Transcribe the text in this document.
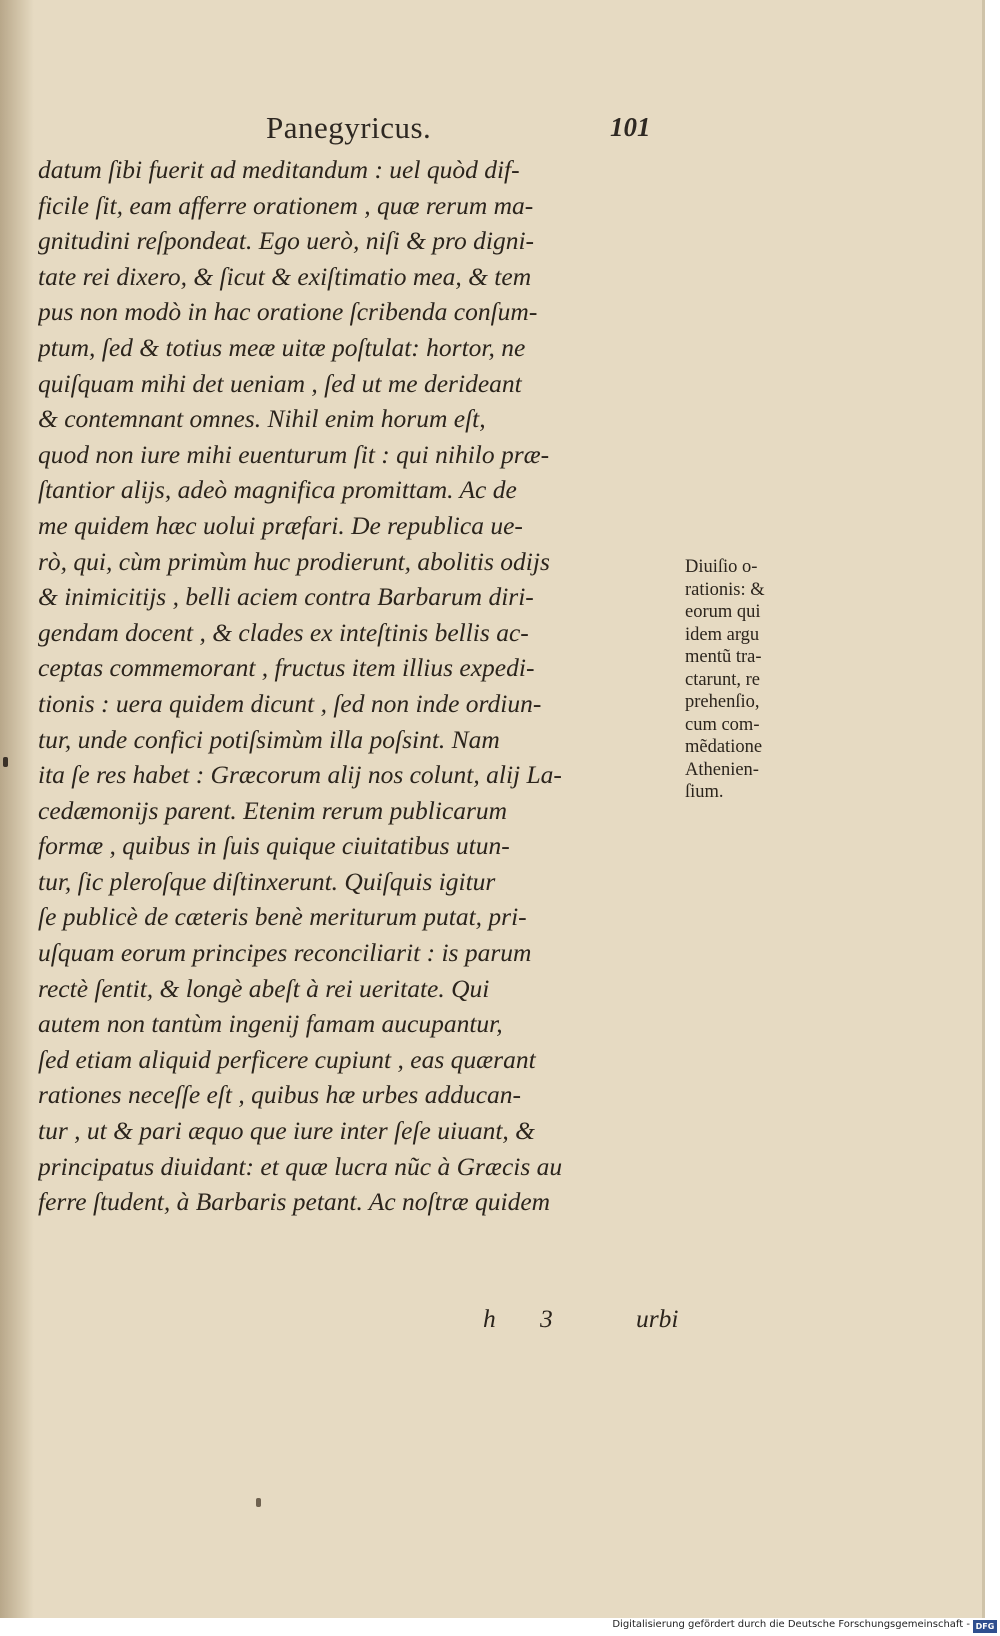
Panegyricus.	101
datum ſibi fuerit ad meditandum : uel quòd dif-
ficile ſit, eam afferre orationem , quæ rerum ma-
gnitudini reſpondeat. Ego uerò, niſi & pro digni-
tate rei dixero, & ſicut & exiſtimatio mea, & tem
pus non modò in hac oratione ſcribenda conſum-
ptum, ſed & totius meæ uitæ poſtulat: hortor, ne
quiſquam mihi det ueniam , ſed ut me derideant
& contemnant omnes. Nihil enim horum eſt,
quod non iure mihi euenturum ſit : qui nihilo præ-
ſtantior alijs, adeò magnifica promittam. Ac de
me quidem hæc uolui præfari. De republica ue-
rò, qui, cùm primùm huc prodierunt, abolitis odijs
& inimicitijs , belli aciem contra Barbarum diri-
gendam docent , & clades ex inteſtinis bellis ac-
ceptas commemorant , fructus item illius expedi-
tionis : uera quidem dicunt , ſed non inde ordiun-
tur, unde confici potiſsimùm illa poſsint. Nam
ita ſe res habet : Græcorum alij nos colunt, alij La-
cedæmonijs parent. Etenim rerum publicarum
formæ , quibus in ſuis quique ciuitatibus utun-
tur, ſic pleroſque diſtinxerunt. Quiſquis igitur
ſe publicè de cæteris benè meriturum putat, pri-
uſquam eorum principes reconciliarit : is parum
rectè ſentit, & longè abeſt à rei ueritate. Qui
autem non tantùm ingenij famam aucupantur,
ſed etiam aliquid perficere cupiunt , eas quærant
rationes neceſſe eſt , quibus hæ urbes adducan-
tur , ut & pari æquo que iure inter ſeſe uiuant, &
principatus diuidant: et quæ lucra nũc à Græcis au
ferre ſtudent, à Barbaris petant. Ac noſtræ quidem
Diuiſio o-
rationis: &
eorum qui
idem argu
mentũ tra-
ctarunt, re
prehenſio,
cum com-
mẽdatione
Athenien-
ſium.
h 3	urbi
Digitalisierung gefördert durch die Deutsche Forschungsgemeinschaft - DFG
